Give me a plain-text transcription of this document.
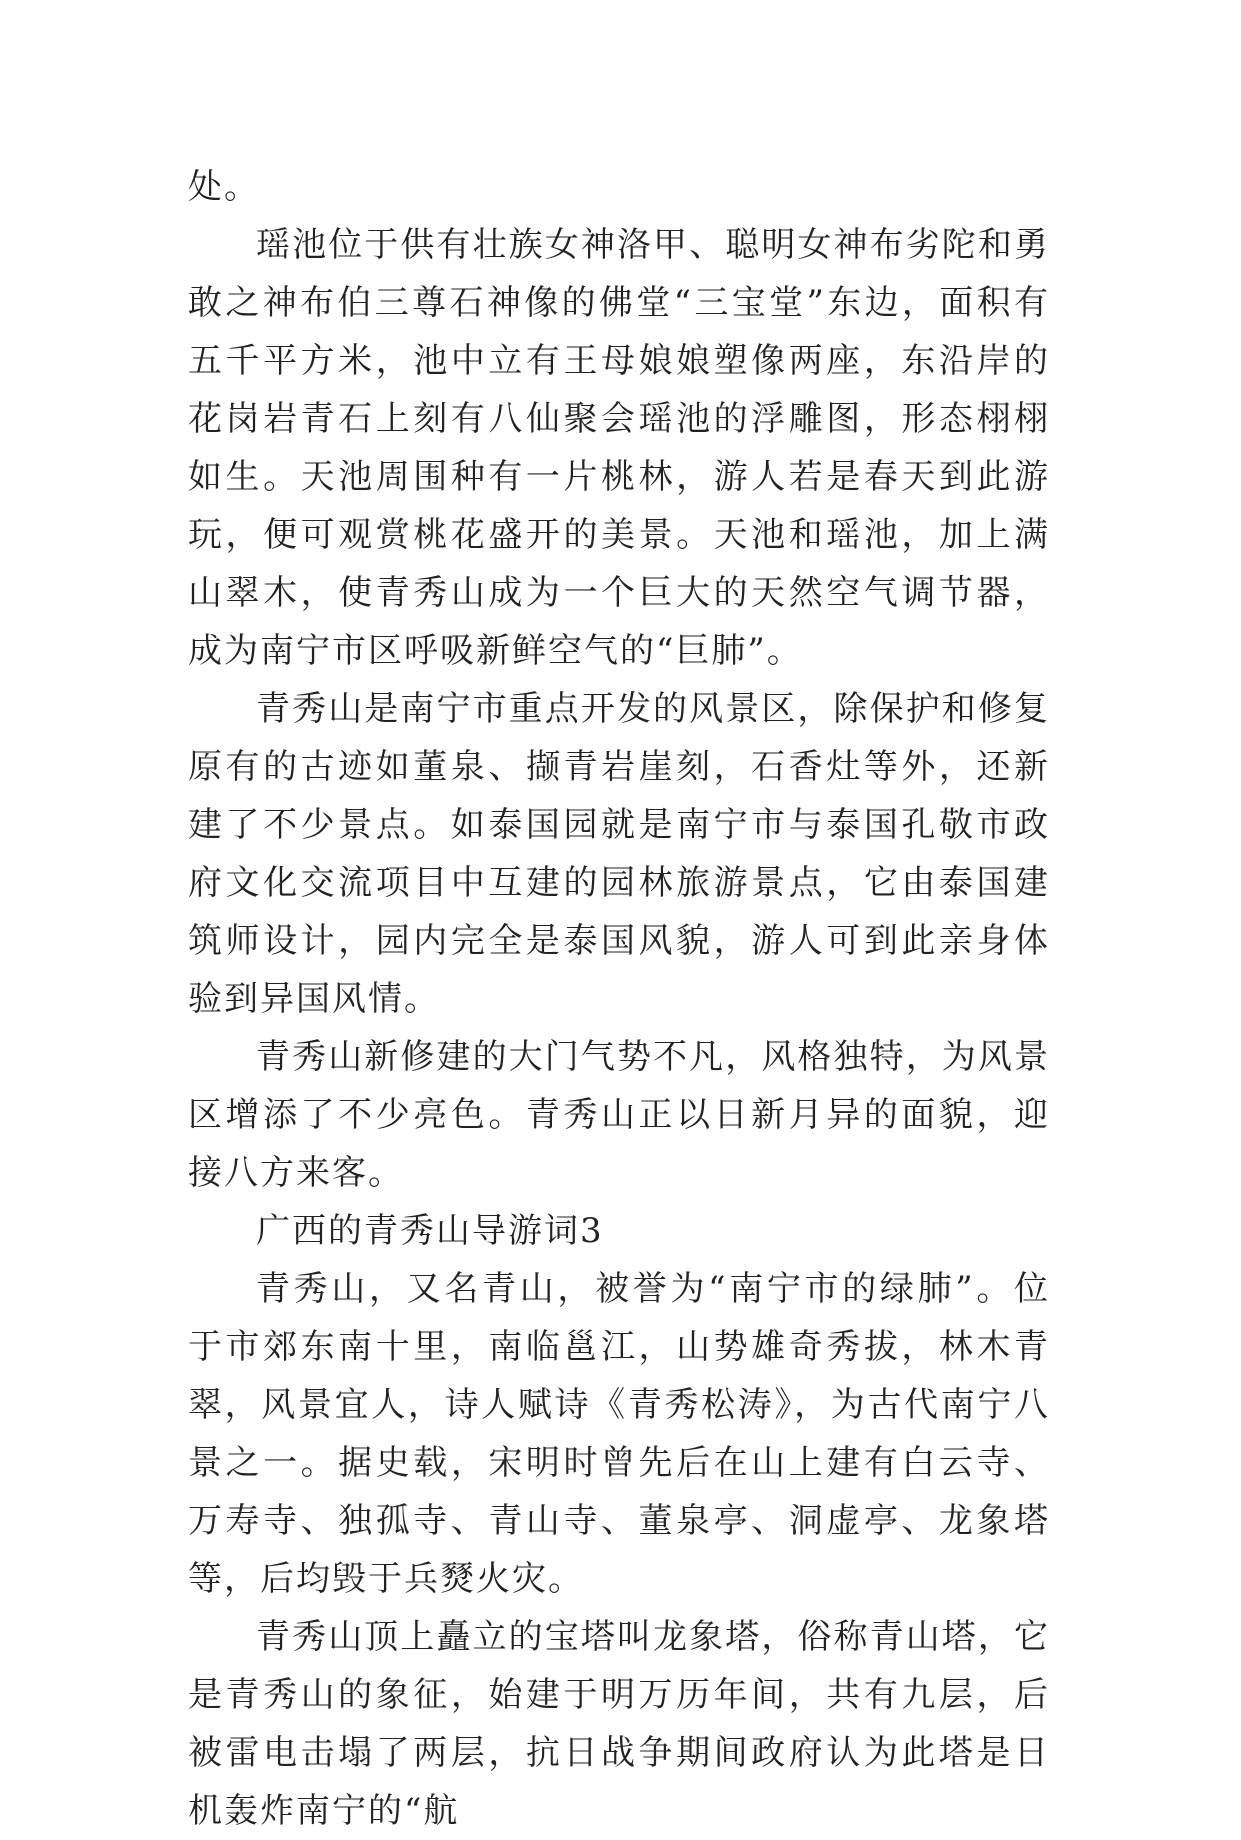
处。

瑶池位于供有壮族女神洛甲、聪明女神布劣陀和勇敢之神布伯三尊石神像的佛堂“三宝堂”东边，面积有五千平方米，池中立有王母娘娘塑像两座，东沿岸的花岗岩青石上刻有八仙聚会瑶池的浮雕图，形态栩栩如生。天池周围种有一片桃林，游人若是春天到此游玩，便可观赏桃花盛开的美景。天池和瑶池，加上满山翠木，使青秀山成为一个巨大的天然空气调节器，成为南宁市区呼吸新鲜空气的“巨肺”。

青秀山是南宁市重点开发的风景区，除保护和修复原有的古迹如董泉、撷青岩崖刻，石香灶等外，还新建了不少景点。如泰国园就是南宁市与泰国孔敬市政府文化交流项目中互建的园林旅游景点，它由泰国建筑师设计，园内完全是泰国风貌，游人可到此亲身体验到异国风情。

青秀山新修建的大门气势不凡，风格独特，为风景区增添了不少亮色。青秀山正以日新月异的面貌，迎接八方来客。

广西的青秀山导游词3

青秀山，又名青山，被誉为“南宁市的绿肺”。位于市郊东南十里，南临邕江，山势雄奇秀拔，林木青翠，风景宜人，诗人赋诗《青秀松涛》，为古代南宁八景之一。据史载，宋明时曾先后在山上建有白云寺、万寿寺、独孤寺、青山寺、董泉亭、洞虚亭、龙象塔等，后均毁于兵燹火灾。

青秀山顶上矗立的宝塔叫龙象塔，俗称青山塔，它是青秀山的象征，始建于明万历年间，共有九层，后被雷电击塌了两层，抗日战争期间政府认为此塔是日机轰炸南宁的“航
